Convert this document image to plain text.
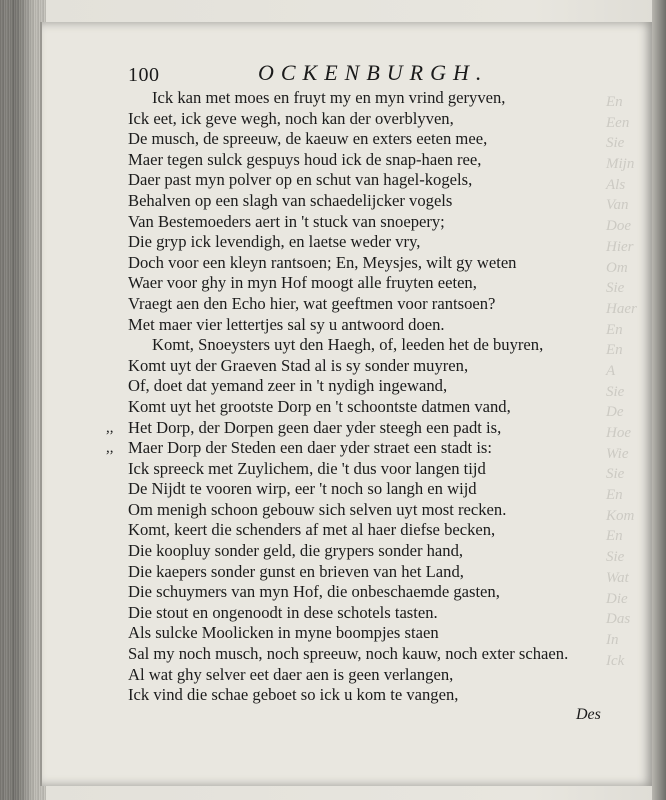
En
Een
Sie
Mijn
Als
Van
Doe
Hier
Om
Sie
Haer
En
En
A
Sie
De
Hoe
Wie
Sie
En
Kom
En
Sie
Wat
Die
Das
In
Ick
100	OCKENBURGH.
Ick kan met moes en fruyt my en myn vrind geryven,
Ick eet, ick geve wegh, noch kan der overblyven,
De musch, de spreeuw, de kaeuw en exters eeten mee,
Maer tegen sulck gespuys houd ick de snap-haen ree,
Daer past myn polver op en schut van hagel-kogels,
Behalven op een slagh van schaedelijcker vogels
Van Bestemoeders aert in 't stuck van snoepery;
Die gryp ick levendigh, en laetse weder vry,
Doch voor een kleyn rantsoen; En, Meysjes, wilt gy weten
Waer voor ghy in myn Hof moogt alle fruyten eeten,
Vraegt aen den Echo hier, wat geeftmen voor rantsoen?
Met maer vier lettertjes sal sy u antwoord doen.
Komt, Snoeysters uyt den Haegh, of, leeden het de buyren,
Komt uyt der Graeven Stad al is sy sonder muyren,
Of, doet dat yemand zeer in 't nydigh ingewand,
Komt uyt het grootste Dorp en 't schoontste datmen vand,
,, Het Dorp, der Dorpen geen daer yder steegh een padt is,
,, Maer Dorp der Steden een daer yder straet een stadt is:
Ick spreeck met Zuylichem, die 't dus voor langen tijd
De Nijdt te vooren wirp, eer 't noch so langh en wijd
Om menigh schoon gebouw sich selven uyt most recken.
Komt, keert die schenders af met al haer diefse becken,
Die koopluy sonder geld, die grypers sonder hand,
Die kaepers sonder gunst en brieven van het Land,
Die schuymers van myn Hof, die onbeschaemde gasten,
Die stout en ongenoodt in dese schotels tasten.
Als sulcke Moolicken in myne boompjes staen
Sal my noch musch, noch spreeuw, noch kauw, noch exter schaen.
Al wat ghy selver eet daer aen is geen verlangen,
Ick vind die schae geboet so ick u kom te vangen,
Des
